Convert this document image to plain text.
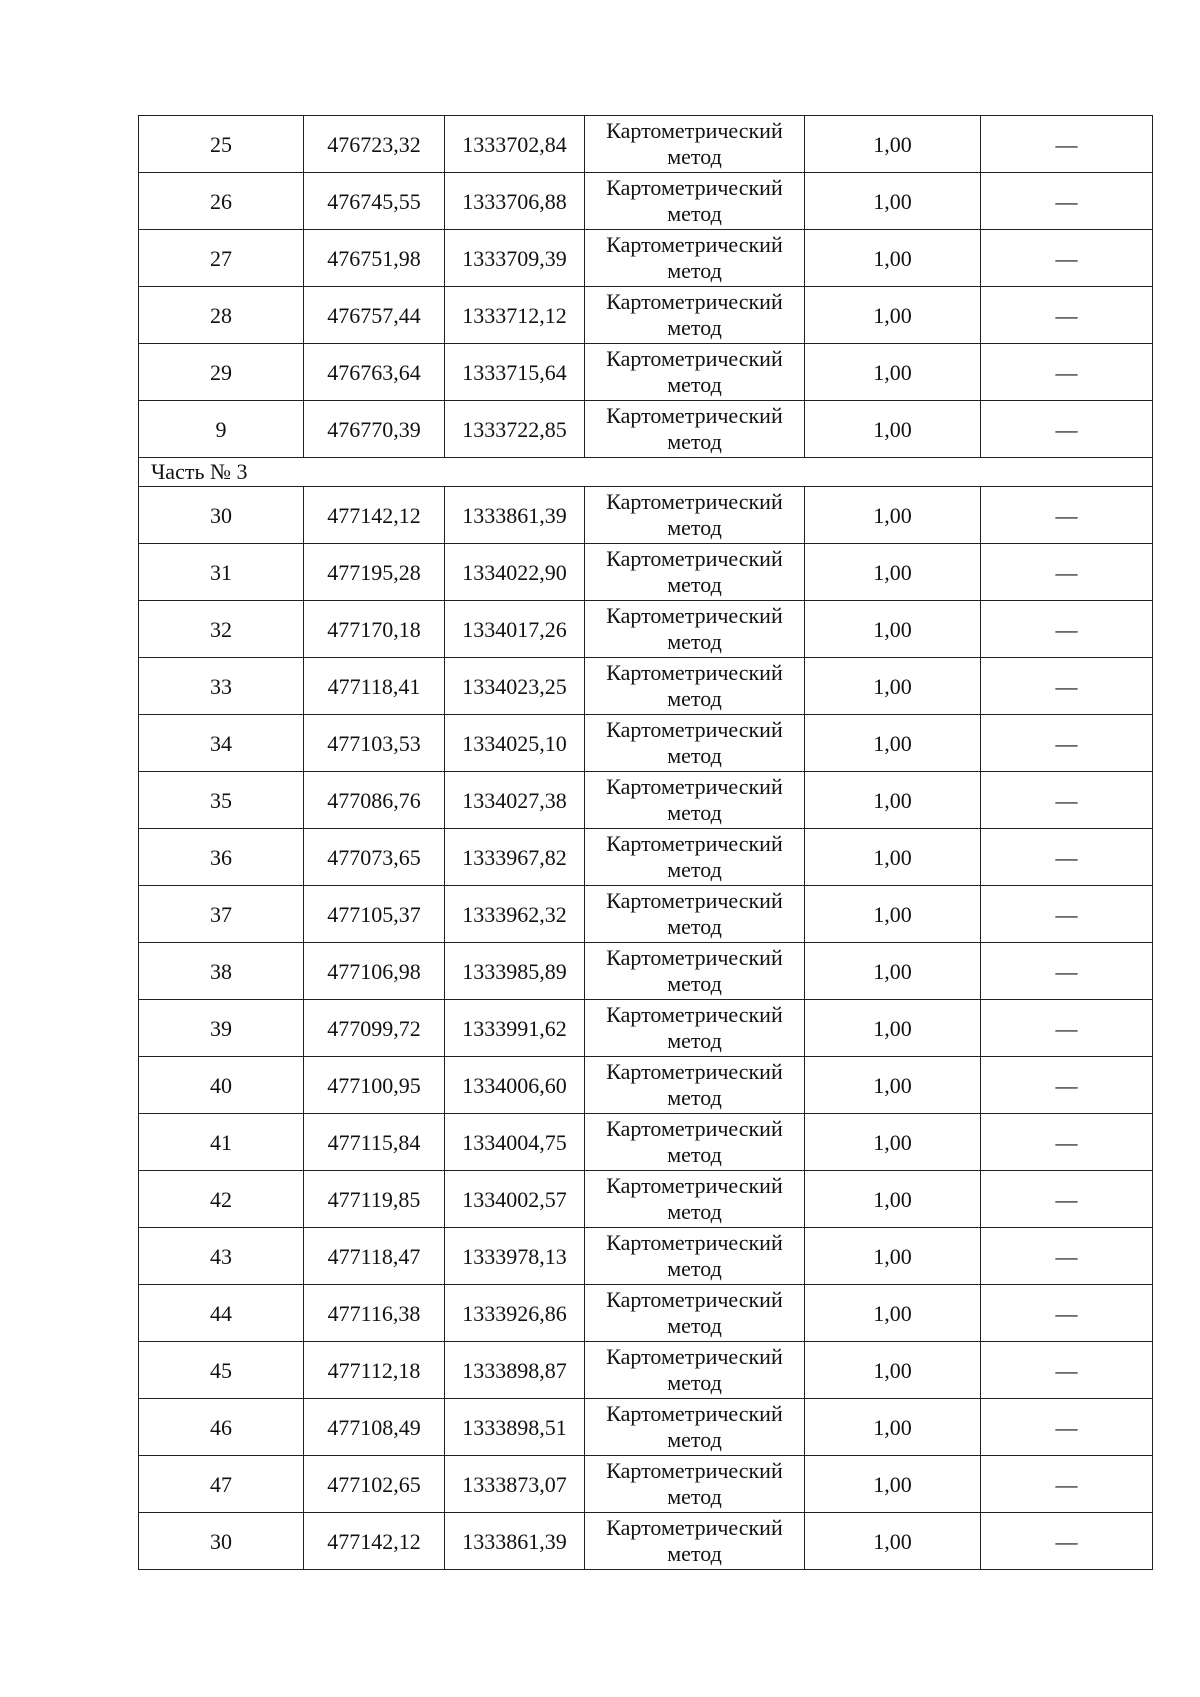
25	476723,32	1333702,84	Картометрический метод	1,00	—
26	476745,55	1333706,88	Картометрический метод	1,00	—
27	476751,98	1333709,39	Картометрический метод	1,00	—
28	476757,44	1333712,12	Картометрический метод	1,00	—
29	476763,64	1333715,64	Картометрический метод	1,00	—
9	476770,39	1333722,85	Картометрический метод	1,00	—
Часть № 3					
30	477142,12	1333861,39	Картометрический метод	1,00	—
31	477195,28	1334022,90	Картометрический метод	1,00	—
32	477170,18	1334017,26	Картометрический метод	1,00	—
33	477118,41	1334023,25	Картометрический метод	1,00	—
34	477103,53	1334025,10	Картометрический метод	1,00	—
35	477086,76	1334027,38	Картометрический метод	1,00	—
36	477073,65	1333967,82	Картометрический метод	1,00	—
37	477105,37	1333962,32	Картометрический метод	1,00	—
38	477106,98	1333985,89	Картометрический метод	1,00	—
39	477099,72	1333991,62	Картометрический метод	1,00	—
40	477100,95	1334006,60	Картометрический метод	1,00	—
41	477115,84	1334004,75	Картометрический метод	1,00	—
42	477119,85	1334002,57	Картометрический метод	1,00	—
43	477118,47	1333978,13	Картометрический метод	1,00	—
44	477116,38	1333926,86	Картометрический метод	1,00	—
45	477112,18	1333898,87	Картометрический метод	1,00	—
46	477108,49	1333898,51	Картометрический метод	1,00	—
47	477102,65	1333873,07	Картометрический метод	1,00	—
30	477142,12	1333861,39	Картометрический метод	1,00	—
